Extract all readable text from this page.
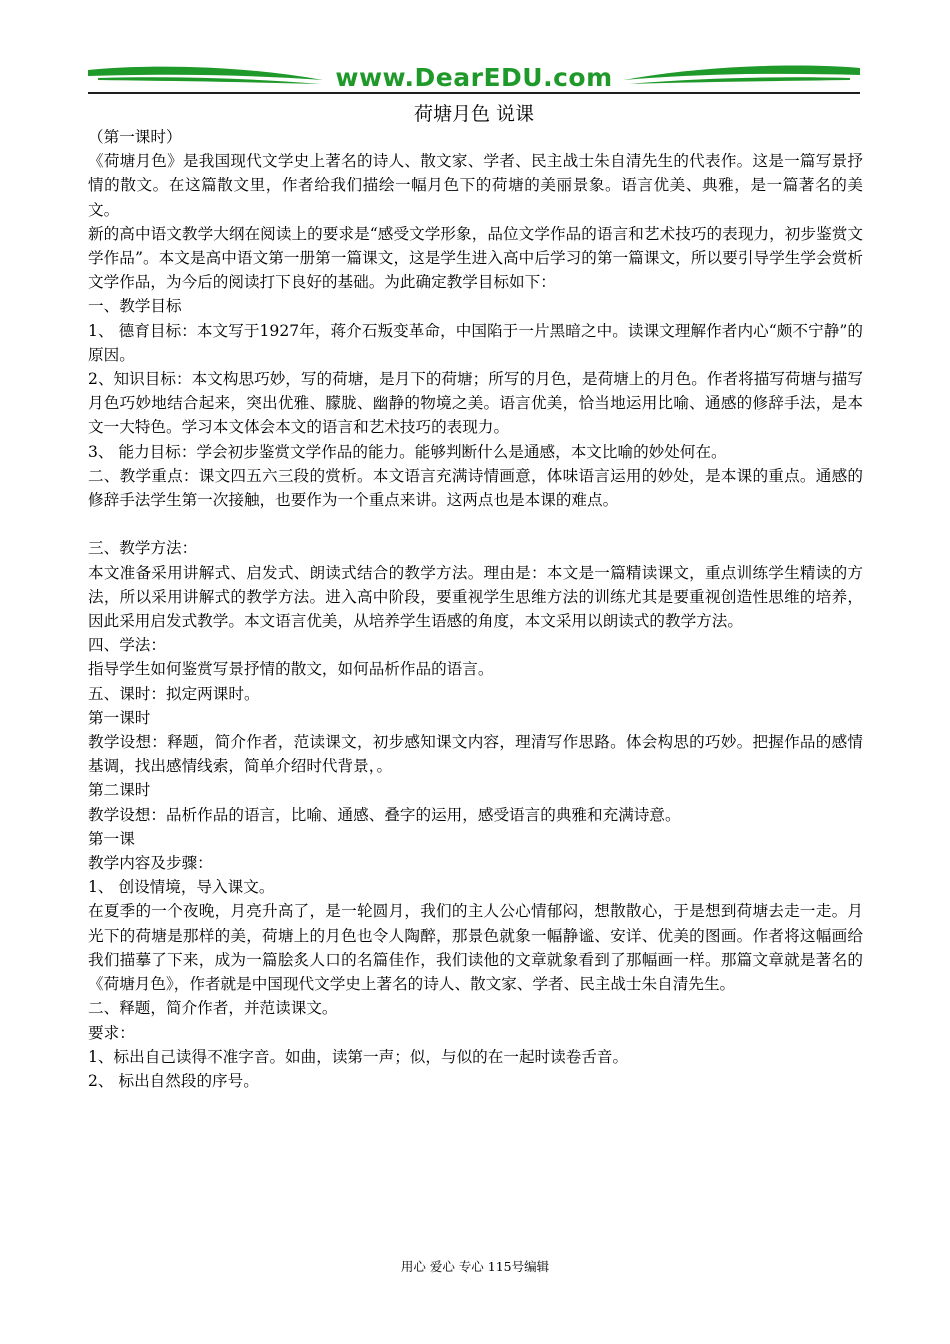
www.DearEDU.com
荷塘月色 说课

（第一课时）

《荷塘月色》是我国现代文学史上著名的诗人、散文家、学者、民主战士朱自清先生的代表作。这是一篇写景抒情的散文。在这篇散文里，作者给我们描绘一幅月色下的荷塘的美丽景象。语言优美、典雅，是一篇著名的美文。

新的高中语文教学大纲在阅读上的要求是“感受文学形象，品位文学作品的语言和艺术技巧的表现力，初步鉴赏文学作品”。本文是高中语文第一册第一篇课文，这是学生进入高中后学习的第一篇课文，所以要引导学生学会赏析文学作品，为今后的阅读打下良好的基础。为此确定教学目标如下：

一、教学目标

1、 德育目标：本文写于1927年，蒋介石叛变革命，中国陷于一片黑暗之中。读课文理解作者内心“颇不宁静”的原因。

2、知识目标：本文构思巧妙，写的荷塘，是月下的荷塘；所写的月色，是荷塘上的月色。作者将描写荷塘与描写月色巧妙地结合起来，突出优雅、朦胧、幽静的物境之美。语言优美，恰当地运用比喻、通感的修辞手法，是本文一大特色。学习本文体会本文的语言和艺术技巧的表现力。

3、 能力目标：学会初步鉴赏文学作品的能力。能够判断什么是通感，本文比喻的妙处何在。

二、教学重点：课文四五六三段的赏析。本文语言充满诗情画意，体味语言运用的妙处，是本课的重点。通感的修辞手法学生第一次接触，也要作为一个重点来讲。这两点也是本课的难点。

三、教学方法：

本文准备采用讲解式、启发式、朗读式结合的教学方法。理由是：本文是一篇精读课文，重点训练学生精读的方法，所以采用讲解式的教学方法。进入高中阶段，要重视学生思维方法的训练尤其是要重视创造性思维的培养，因此采用启发式教学。本文语言优美，从培养学生语感的角度，本文采用以朗读式的教学方法。

四、学法：

指导学生如何鉴赏写景抒情的散文，如何品析作品的语言。

五、课时：拟定两课时。

第一课时

教学设想：释题，简介作者，范读课文，初步感知课文内容，理清写作思路。体会构思的巧妙。把握作品的感情基调，找出感情线索，简单介绍时代背景，。

第二课时

教学设想：品析作品的语言，比喻、通感、叠字的运用，感受语言的典雅和充满诗意。

第一课

教学内容及步骤：

1、 创设情境，导入课文。

在夏季的一个夜晚，月亮升高了，是一轮圆月，我们的主人公心情郁闷，想散散心，于是想到荷塘去走一走。月光下的荷塘是那样的美，荷塘上的月色也令人陶醉，那景色就象一幅静谧、安详、优美的图画。作者将这幅画给我们描摹了下来，成为一篇脍炙人口的名篇佳作，我们读他的文章就象看到了那幅画一样。那篇文章就是著名的《荷塘月色》，作者就是中国现代文学史上著名的诗人、散文家、学者、民主战士朱自清先生。

二、释题，简介作者，并范读课文。

要求：

1、标出自己读得不准字音。如曲，读第一声；似，与似的在一起时读卷舌音。

2、 标出自然段的序号。

用心 爱心 专心 115号编辑
